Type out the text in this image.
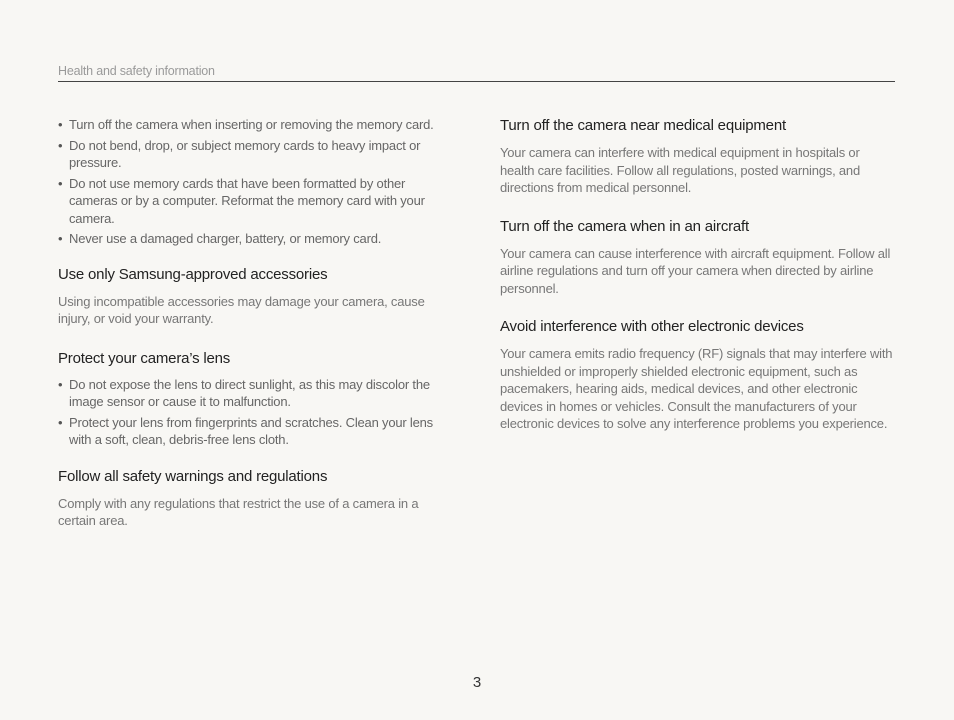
Health and safety information
• Turn off the camera when inserting or removing the memory card.
• Do not bend, drop, or subject memory cards to heavy impact or pressure.
• Do not use memory cards that have been formatted by other cameras or by a computer. Reformat the memory card with your camera.
• Never use a damaged charger, battery, or memory card.
Use only Samsung-approved accessories

Using incompatible accessories may damage your camera, cause injury, or void your warranty.

Protect your camera’s lens
• Do not expose the lens to direct sunlight, as this may discolor the image sensor or cause it to malfunction.
• Protect your lens from fingerprints and scratches. Clean your lens with a soft, clean, debris-free lens cloth.
Follow all safety warnings and regulations

Comply with any regulations that restrict the use of a camera in a certain area.

Turn off the camera near medical equipment

Your camera can interfere with medical equipment in hospitals or health care facilities. Follow all regulations, posted warnings, and directions from medical personnel.

Turn off the camera when in an aircraft

Your camera can cause interference with aircraft equipment. Follow all airline regulations and turn off your camera when directed by airline personnel.

Avoid interference with other electronic devices

Your camera emits radio frequency (RF) signals that may interfere with unshielded or improperly shielded electronic equipment, such as pacemakers, hearing aids, medical devices, and other electronic devices in homes or vehicles. Consult the manufacturers of your electronic devices to solve any interference problems you experience.

3
